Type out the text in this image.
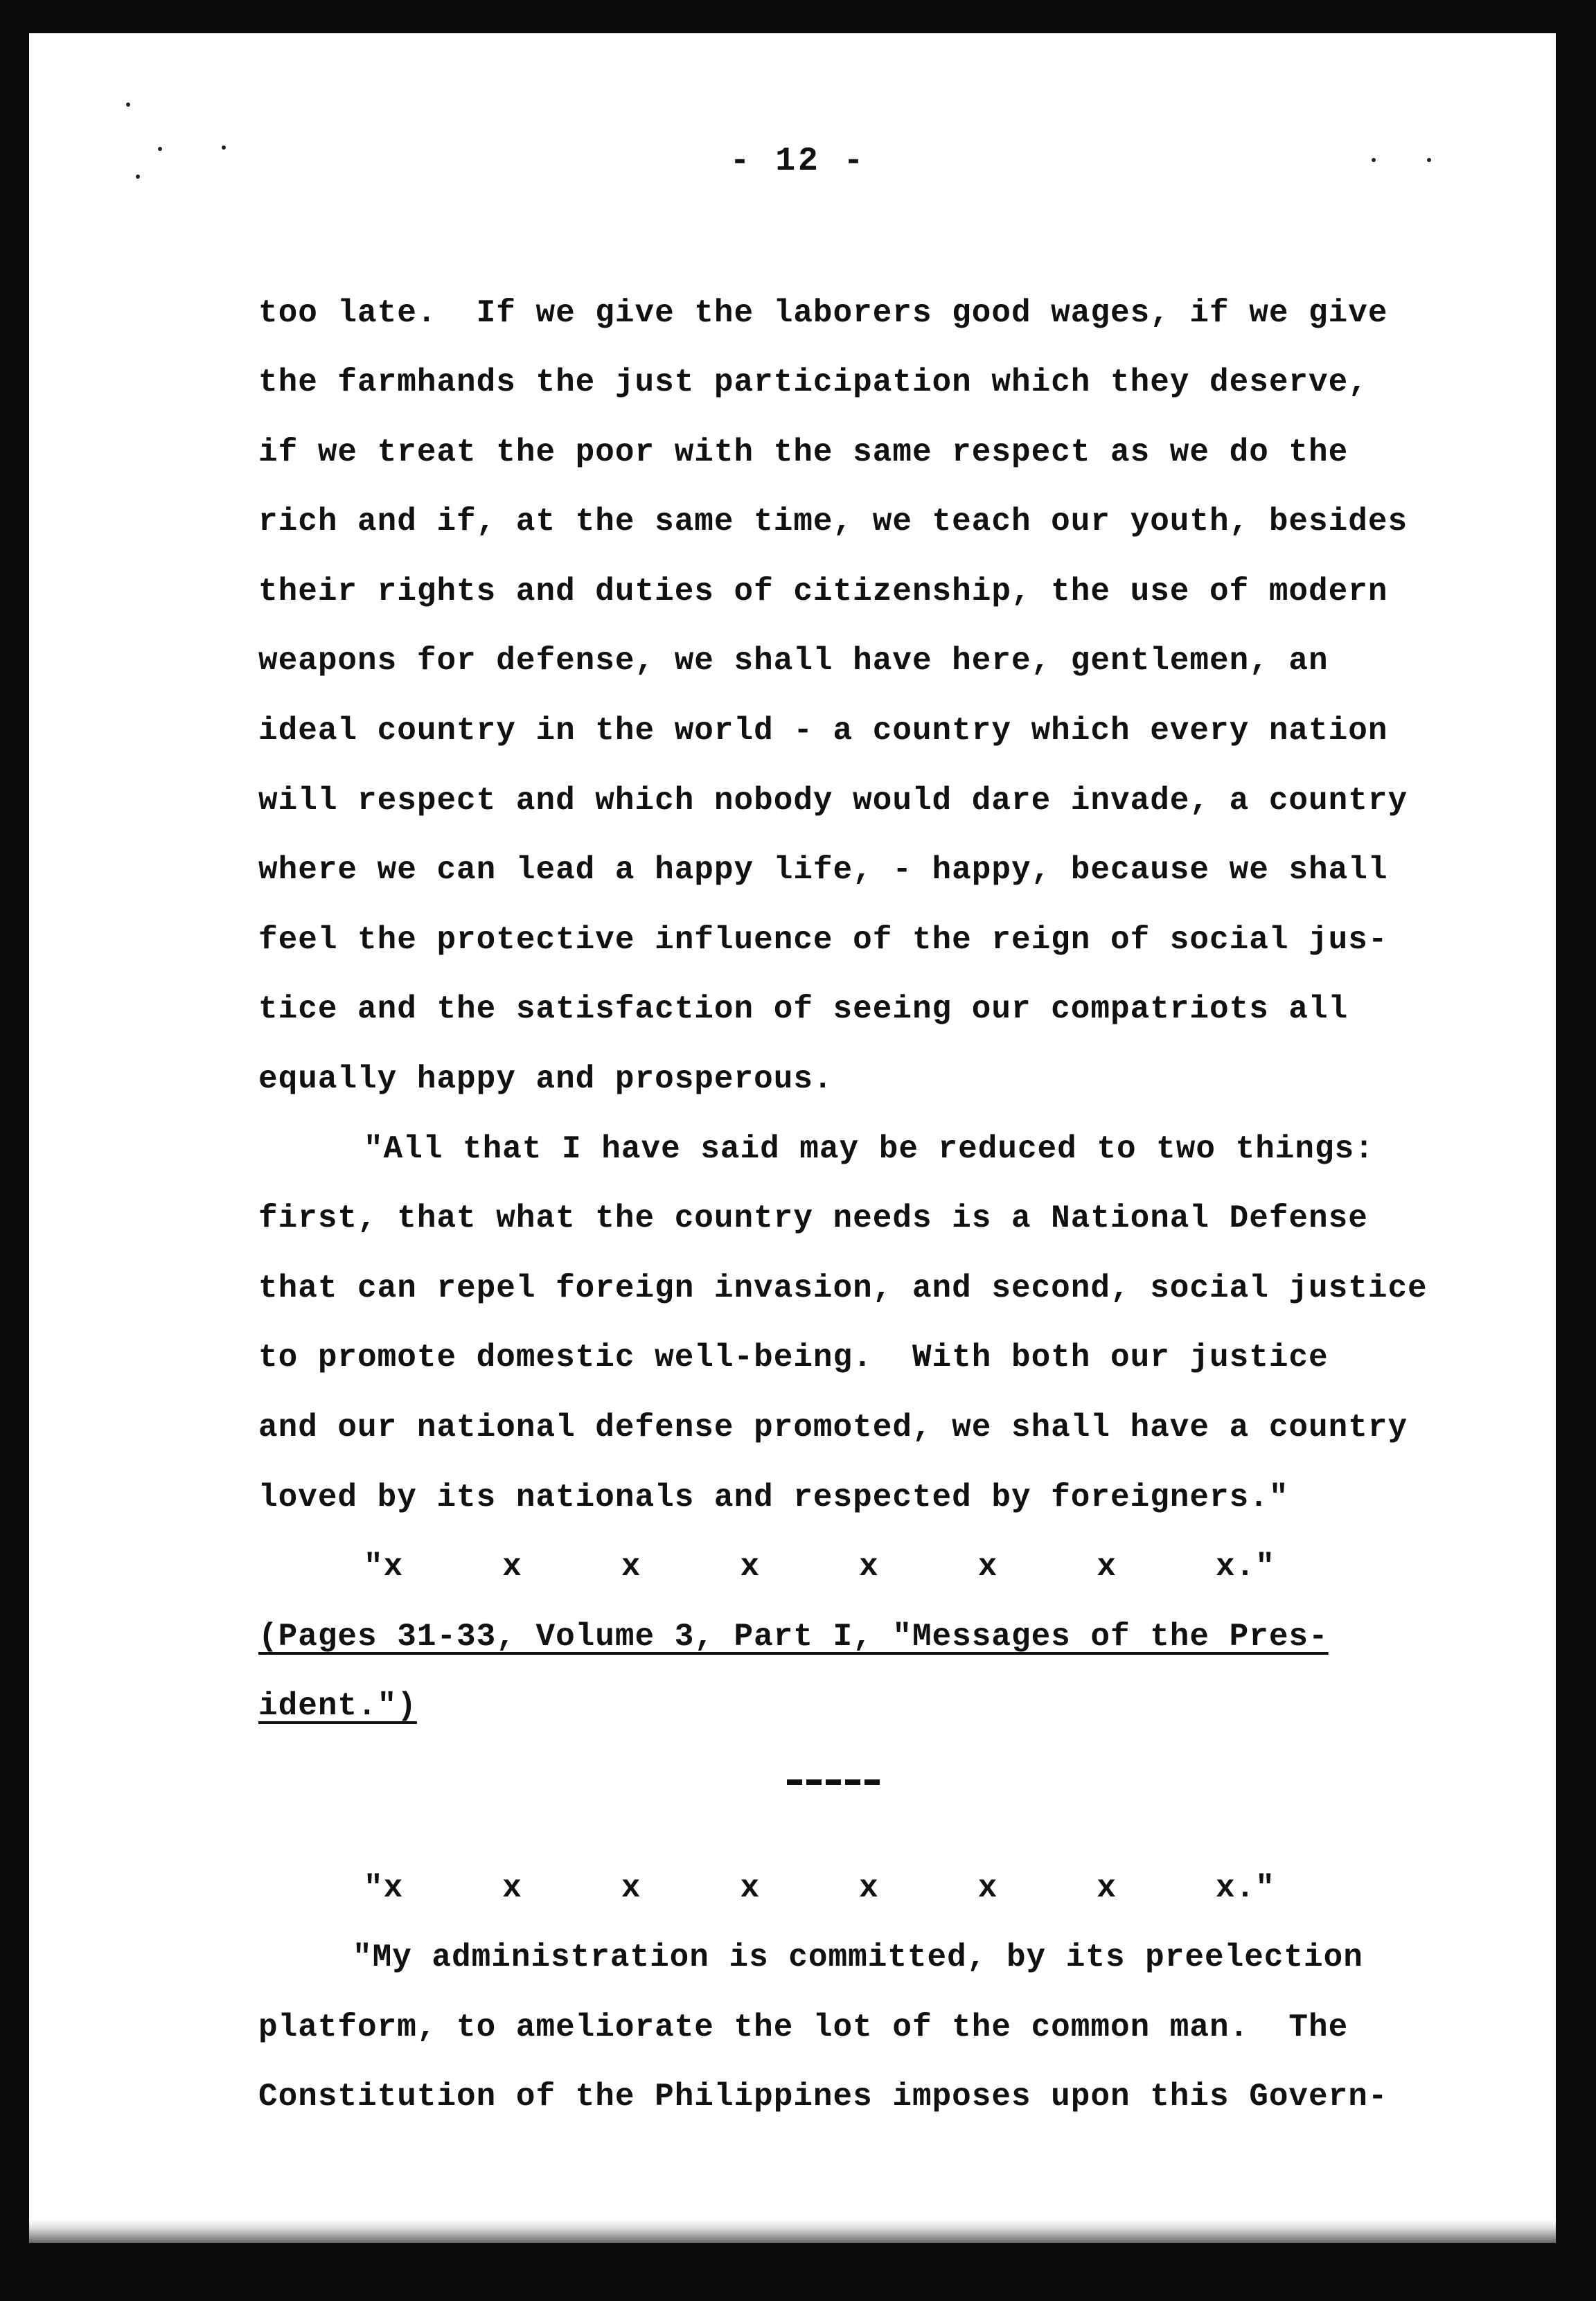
- 12 -
too late.  If we give the laborers good wages, if we give
the farmhands the just participation which they deserve,
if we treat the poor with the same respect as we do the
rich and if, at the same time, we teach our youth, besides
their rights and duties of citizenship, the use of modern
weapons for defense, we shall have here, gentlemen, an
ideal country in the world - a country which every nation
will respect and which nobody would dare invade, a country
where we can lead a happy life, - happy, because we shall
feel the protective influence of the reign of social jus-
tice and the satisfaction of seeing our compatriots all
equally happy and prosperous.
"All that I have said may be reduced to two things:
first, that what the country needs is a National Defense
that can repel foreign invasion, and second, social justice
to promote domestic well-being.  With both our justice
and our national defense promoted, we shall have a country
loved by its nationals and respected by foreigners."
"x     x     x     x     x     x     x     x."
(Pages 31-33, Volume 3, Part I, "Messages of the Pres-
ident.")
"x     x     x     x     x     x     x     x."
"My administration is committed, by its preelection
platform, to ameliorate the lot of the common man.  The
Constitution of the Philippines imposes upon this Govern-
